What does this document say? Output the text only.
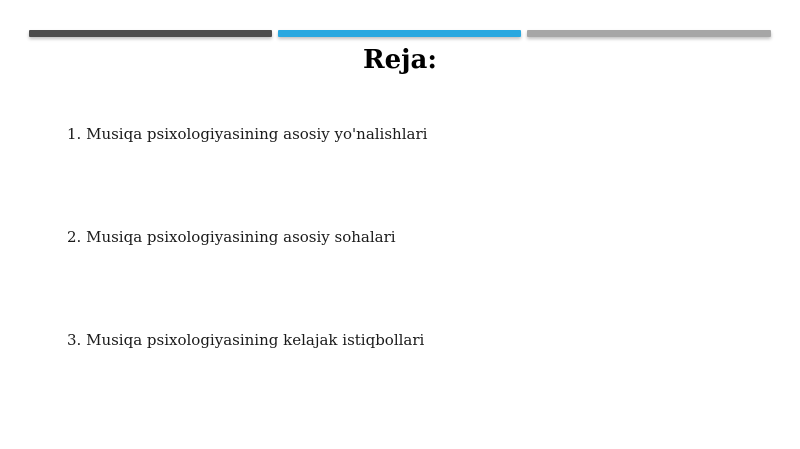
Reja:
1. Musiqa psixologiyasining asosiy yo'nalishlari
2. Musiqa psixologiyasining asosiy sohalari
3. Musiqa psixologiyasining kelajak istiqbollari
